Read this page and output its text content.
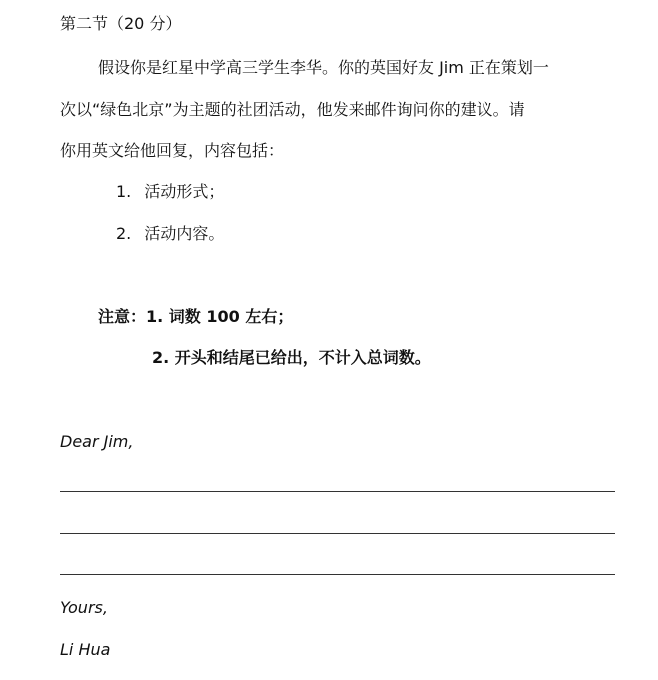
第二节（20 分）
假设你是红星中学高三学生李华。你的英国好友 Jim 正在策划一
次以“绿色北京”为主题的社团活动，他发来邮件询问你的建议。请
你用英文给他回复，内容包括：
1. 活动形式；
2. 活动内容。
注意：1. 词数 100 左右；
2. 开头和结尾已给出，不计入总词数。
Dear Jim,
Yours,
Li Hua
